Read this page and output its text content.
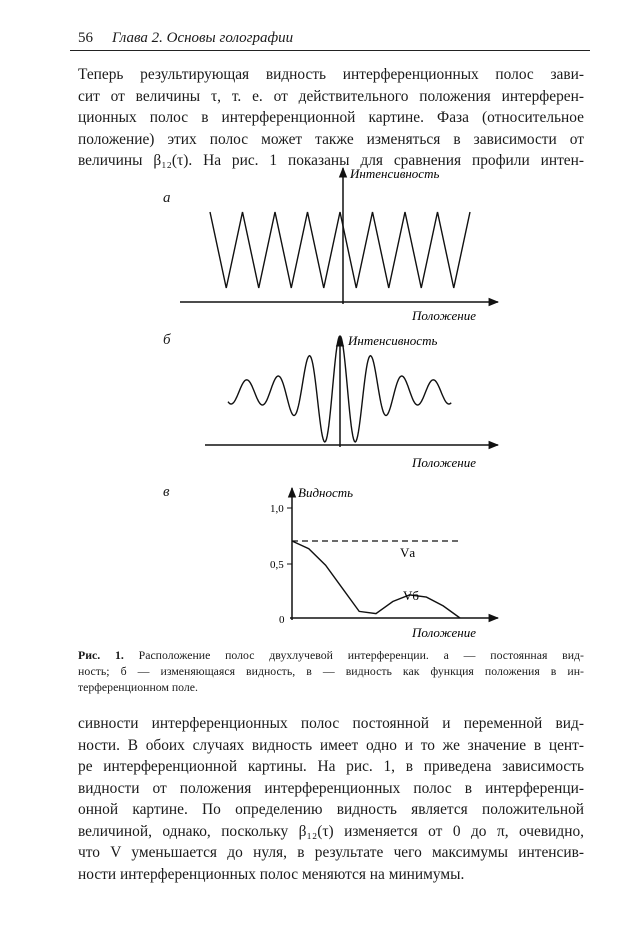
56 Глава 2. Основы голографии
Теперь результирующая видность интерференционных полос зави-
сит от величины τ, т. е. от действительного положения интерферен-
ционных полос в интерференционной картине. Фаза (относительное
положение) этих полос может также изменяться в зависимости от
величины β₁₂(τ). На рис. 1 показаны для сравнения профили интен-
а
б
в
Интенсивность
Положение
Интенсивность
Положение
1,0
0,5
0
Vа
Vб
Видность
Положение
Рис. 1. Расположение полос двухлучевой интерференции. а — постоянная вид-
ность; б — изменяющаяся видность, в — видность как функция положения в ин-
терференционном поле.
сивности интерференционных полос постоянной и переменной вид-
ности. В обоих случаях видность имеет одно и то же значение в цент-
ре интерференционной картины. На рис. 1, в приведена зависимость
видности от положения интерференционных полос в интерференци-
онной картине. По определению видность является положительной
величиной, однако, поскольку β₁₂(τ) изменяется от 0 до π, очевидно,
что V уменьшается до нуля, в результате чего максимумы интенсив-
ности интерференционных полос меняются на минимумы.
